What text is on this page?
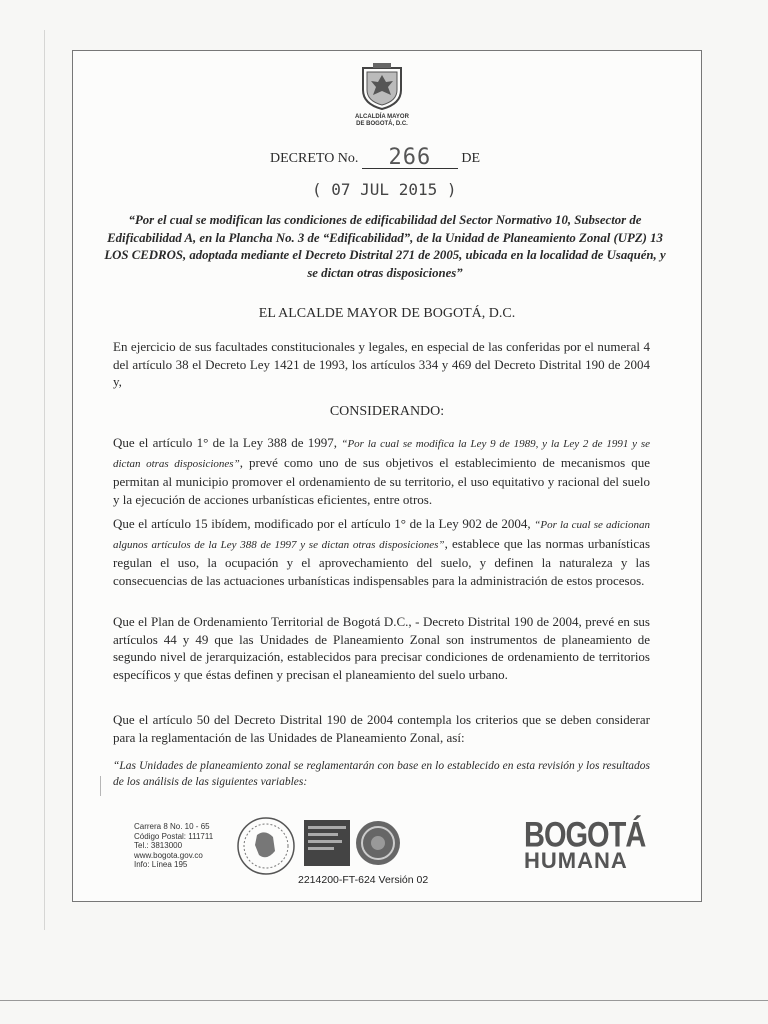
ALCALDÍA MAYOR
DE BOGOTÁ, D.C.
DECRETO No. 266 DE
( 07 JUL 2015 )
“Por el cual se modifican las condiciones de edificabilidad del Sector Normativo 10, Subsector de Edificabilidad A, en la Plancha No. 3 de “Edificabilidad”, de la Unidad de Planeamiento Zonal (UPZ) 13 LOS CEDROS, adoptada mediante el Decreto Distrital 271 de 2005, ubicada en la localidad de Usaquén, y se dictan otras disposiciones”
EL ALCALDE MAYOR DE BOGOTÁ, D.C.
En ejercicio de sus facultades constitucionales y legales, en especial de las conferidas por el numeral 4 del artículo 38 el Decreto Ley 1421 de 1993, los artículos 334 y 469 del Decreto Distrital 190 de 2004 y,
CONSIDERANDO:
Que el artículo 1° de la Ley 388 de 1997, “Por la cual se modifica la Ley 9 de 1989, y la Ley 2 de 1991 y se dictan otras disposiciones”, prevé como uno de sus objetivos el establecimiento de mecanismos que permitan al municipio promover el ordenamiento de su territorio, el uso equitativo y racional del suelo y la ejecución de acciones urbanísticas eficientes, entre otros.
Que el artículo 15 ibídem, modificado por el artículo 1° de la Ley 902 de 2004, “Por la cual se adicionan algunos artículos de la Ley 388 de 1997 y se dictan otras disposiciones”, establece que las normas urbanísticas regulan el uso, la ocupación y el aprovechamiento del suelo, y definen la naturaleza y las consecuencias de las actuaciones urbanísticas indispensables para la administración de estos procesos.
Que el Plan de Ordenamiento Territorial de Bogotá D.C., - Decreto Distrital 190 de 2004, prevé en sus artículos 44 y 49 que las Unidades de Planeamiento Zonal son instrumentos de planeamiento de segundo nivel de jerarquización, establecidos para precisar condiciones de ordenamiento de territorios específicos y que éstas definen y precisan el planeamiento del suelo urbano.
Que el artículo 50 del Decreto Distrital 190 de 2004 contempla los criterios que se deben considerar para la reglamentación de las Unidades de Planeamiento Zonal, así:
“Las Unidades de planeamiento zonal se reglamentarán con base en lo establecido en esta revisión y los resultados de los análisis de las siguientes variables:
Carrera 8 No. 10 - 65
Código Postal: 111711
Tel.: 3813000
www.bogota.gov.co
Info: Línea 195
2214200-FT-624 Versión 02
BOGOTÁ
HUMANA
